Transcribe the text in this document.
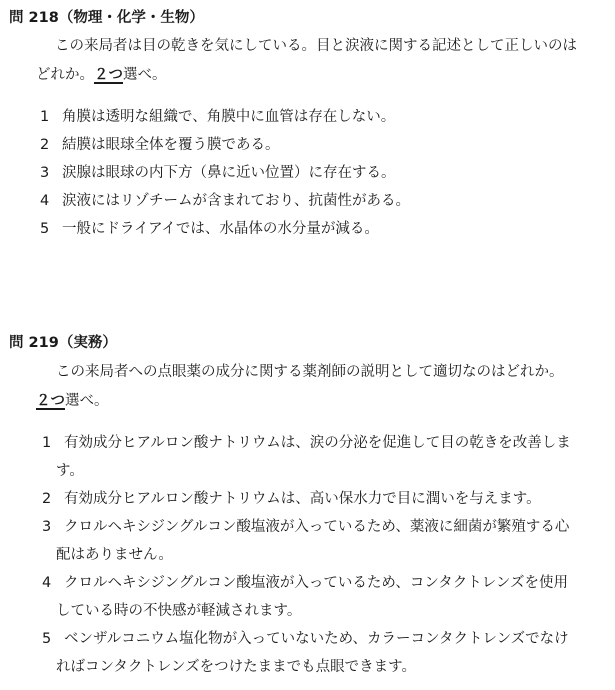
問 218（物理・化学・生物）
この来局者は目の乾きを気にしている。目と涙液に関する記述として正しいのは
どれか。２つ選べ。
1 角膜は透明な組織で、角膜中に血管は存在しない。
2 結膜は眼球全体を覆う膜である。
3 涙腺は眼球の内下方（鼻に近い位置）に存在する。
4 涙液にはリゾチームが含まれており、抗菌性がある。
5 一般にドライアイでは、水晶体の水分量が減る。
問 219（実務）
この来局者への点眼薬の成分に関する薬剤師の説明として適切なのはどれか。
２つ選べ。
1 有効成分ヒアルロン酸ナトリウムは、涙の分泌を促進して目の乾きを改善しま
す。
2 有効成分ヒアルロン酸ナトリウムは、高い保水力で目に潤いを与えます。
3 クロルヘキシジングルコン酸塩液が入っているため、薬液に細菌が繁殖する心
配はありません。
4 クロルヘキシジングルコン酸塩液が入っているため、コンタクトレンズを使用
している時の不快感が軽減されます。
5 ベンザルコニウム塩化物が入っていないため、カラーコンタクトレンズでなけ
ればコンタクトレンズをつけたままでも点眼できます。
